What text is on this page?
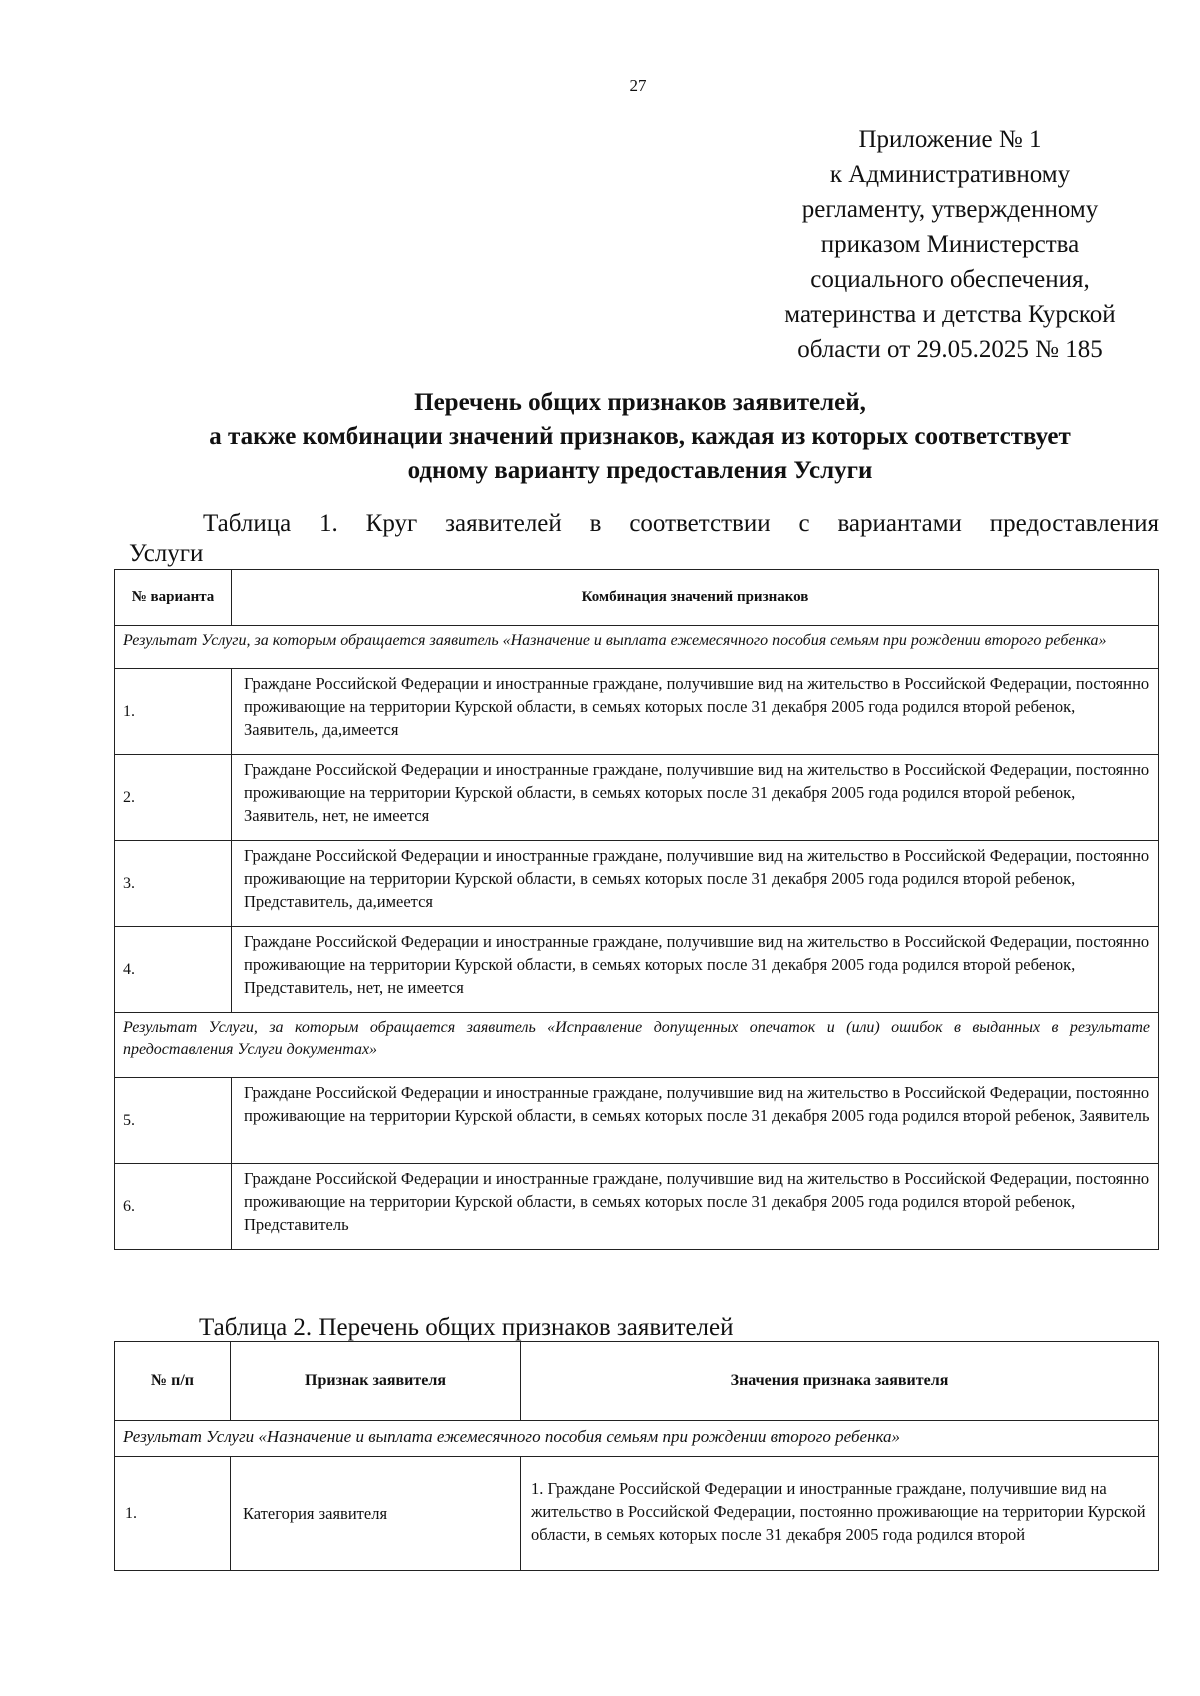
27
Приложение № 1
к Административному
регламенту, утвержденному
приказом Министерства
социального обеспечения,
материнства и детства Курской
области от 29.05.2025 № 185
Перечень общих признаков заявителей,
а также комбинации значений признаков, каждая из которых соответствует
одному варианту предоставления Услуги
Таблица 1. Круг заявителей в соответствии с вариантами предоставления
Услуги
№ варианта	Комбинация значений признаков
Результат Услуги, за которым обращается заявитель «Назначение и выплата ежемесячного пособия семьям при рождении второго ребенка»	
1.	Граждане Российской Федерации и иностранные граждане, получившие вид на жительство в Российской Федерации, постоянно проживающие на территории Курской области, в семьях которых после 31 декабря 2005 года родился второй ребенок, Заявитель, да,имеется
2.	Граждане Российской Федерации и иностранные граждане, получившие вид на жительство в Российской Федерации, постоянно проживающие на территории Курской области, в семьях которых после 31 декабря 2005 года родился второй ребенок, Заявитель, нет, не имеется
3.	Граждане Российской Федерации и иностранные граждане, получившие вид на жительство в Российской Федерации, постоянно проживающие на территории Курской области, в семьях которых после 31 декабря 2005 года родился второй ребенок, Представитель, да,имеется
4.	Граждане Российской Федерации и иностранные граждане, получившие вид на жительство в Российской Федерации, постоянно проживающие на территории Курской области, в семьях которых после 31 декабря 2005 года родился второй ребенок, Представитель, нет, не имеется
Результат Услуги, за которым обращается заявитель «Исправление допущенных опечаток и (или) ошибок в выданных в результате предоставления Услуги документах»	
5.	Граждане Российской Федерации и иностранные граждане, получившие вид на жительство в Российской Федерации, постоянно проживающие на территории Курской области, в семьях которых после 31 декабря 2005 года родился второй ребенок, Заявитель
6.	Граждане Российской Федерации и иностранные граждане, получившие вид на жительство в Российской Федерации, постоянно проживающие на территории Курской области, в семьях которых после 31 декабря 2005 года родился второй ребенок, Представитель
Таблица 2. Перечень общих признаков заявителей
№ п/п	Признак заявителя	Значения признака заявителя
Результат Услуги «Назначение и выплата ежемесячного пособия семьям при рождении второго ребенка»		
1.	Категория заявителя	1. Граждане Российской Федерации и иностранные граждане, получившие вид на жительство в Российской Федерации, постоянно проживающие на территории Курской области, в семьях которых после 31 декабря 2005 года родился второй
